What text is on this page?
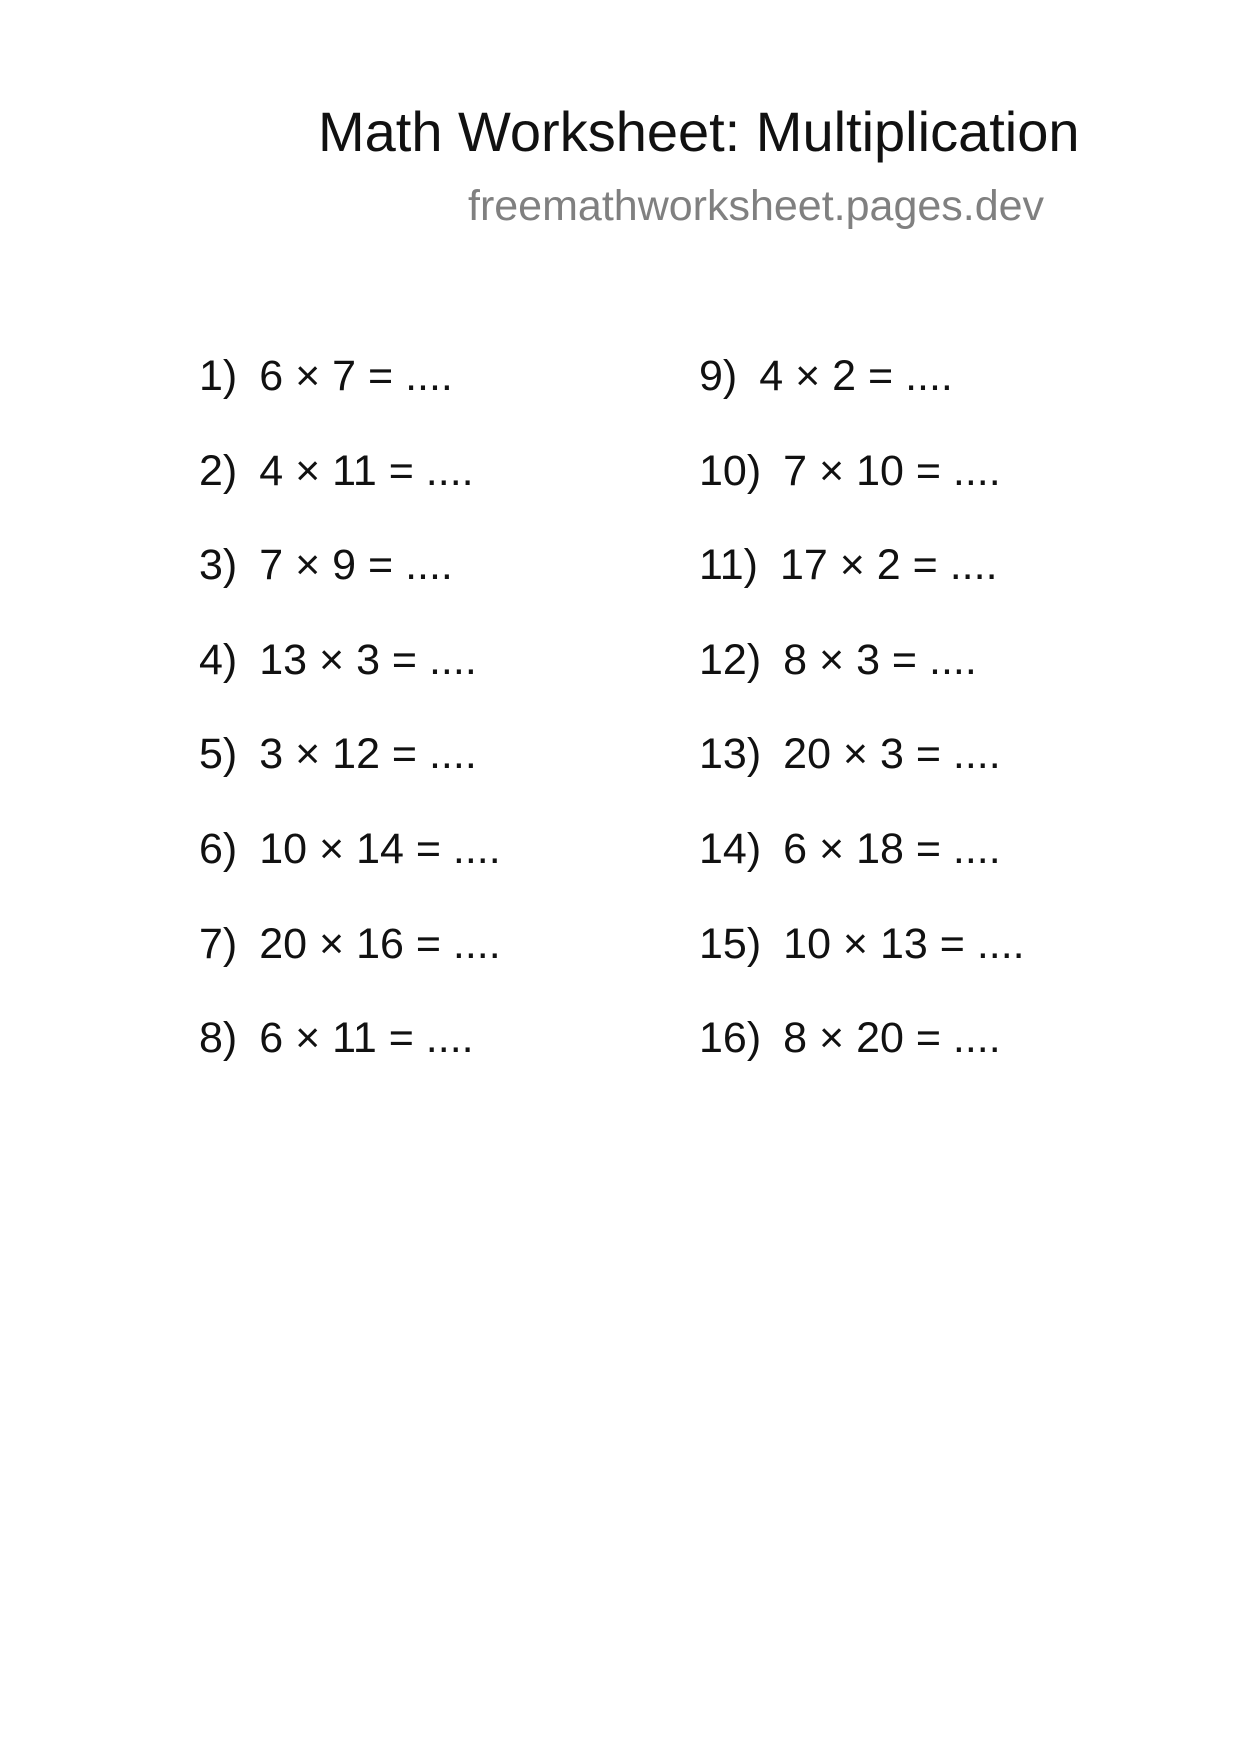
Math Worksheet: Multiplication
freemathworksheet.pages.dev
1) 6 × 7 = ....
2) 4 × 11 = ....
3) 7 × 9 = ....
4) 13 × 3 = ....
5) 3 × 12 = ....
6) 10 × 14 = ....
7) 20 × 16 = ....
8) 6 × 11 = ....
9) 4 × 2 = ....
10) 7 × 10 = ....
11) 17 × 2 = ....
12) 8 × 3 = ....
13) 20 × 3 = ....
14) 6 × 18 = ....
15) 10 × 13 = ....
16) 8 × 20 = ....
